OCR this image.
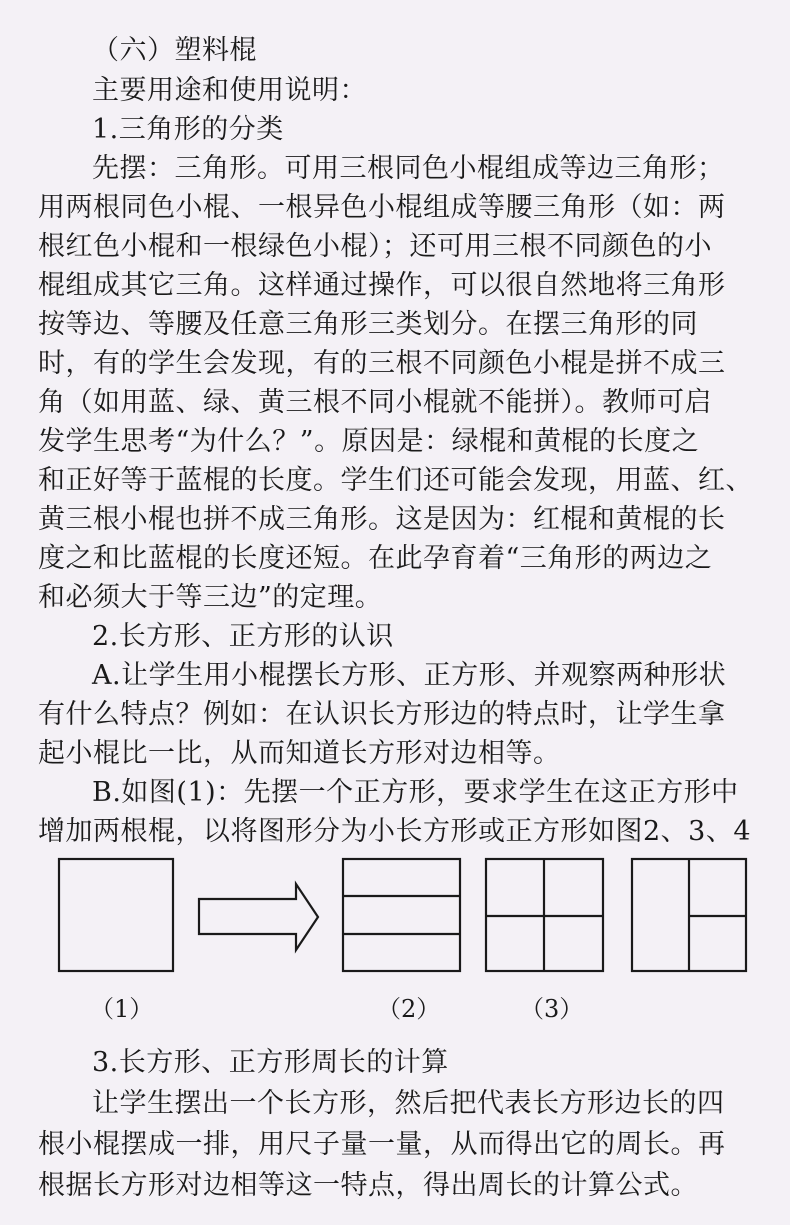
（六）塑料棍
主要用途和使用说明：
1.三角形的分类
先摆：三角形。可用三根同色小棍组成等边三角形；
用两根同色小棍、一根异色小棍组成等腰三角形（如：两
根红色小棍和一根绿色小棍）；还可用三根不同颜色的小
棍组成其它三角。这样通过操作，可以很自然地将三角形
按等边、等腰及任意三角形三类划分。在摆三角形的同
时，有的学生会发现，有的三根不同颜色小棍是拼不成三
角（如用蓝、绿、黄三根不同小棍就不能拼）。教师可启
发学生思考“为什么？”。原因是：绿棍和黄棍的长度之
和正好等于蓝棍的长度。学生们还可能会发现，用蓝、红、
黄三根小棍也拼不成三角形。这是因为：红棍和黄棍的长
度之和比蓝棍的长度还短。在此孕育着“三角形的两边之
和必须大于等三边”的定理。
2.长方形、正方形的认识
A.让学生用小棍摆长方形、正方形、并观察两种形状
有什么特点？例如：在认识长方形边的特点时，让学生拿
起小棍比一比，从而知道长方形对边相等。
B.如图(1)：先摆一个正方形，要求学生在这正方形中
增加两根棍，以将图形分为小长方形或正方形如图2、3、4
（1）	（2）	（3）
3.长方形、正方形周长的计算
让学生摆出一个长方形，然后把代表长方形边长的四
根小棍摆成一排，用尺子量一量，从而得出它的周长。再
根据长方形对边相等这一特点，得出周长的计算公式。
